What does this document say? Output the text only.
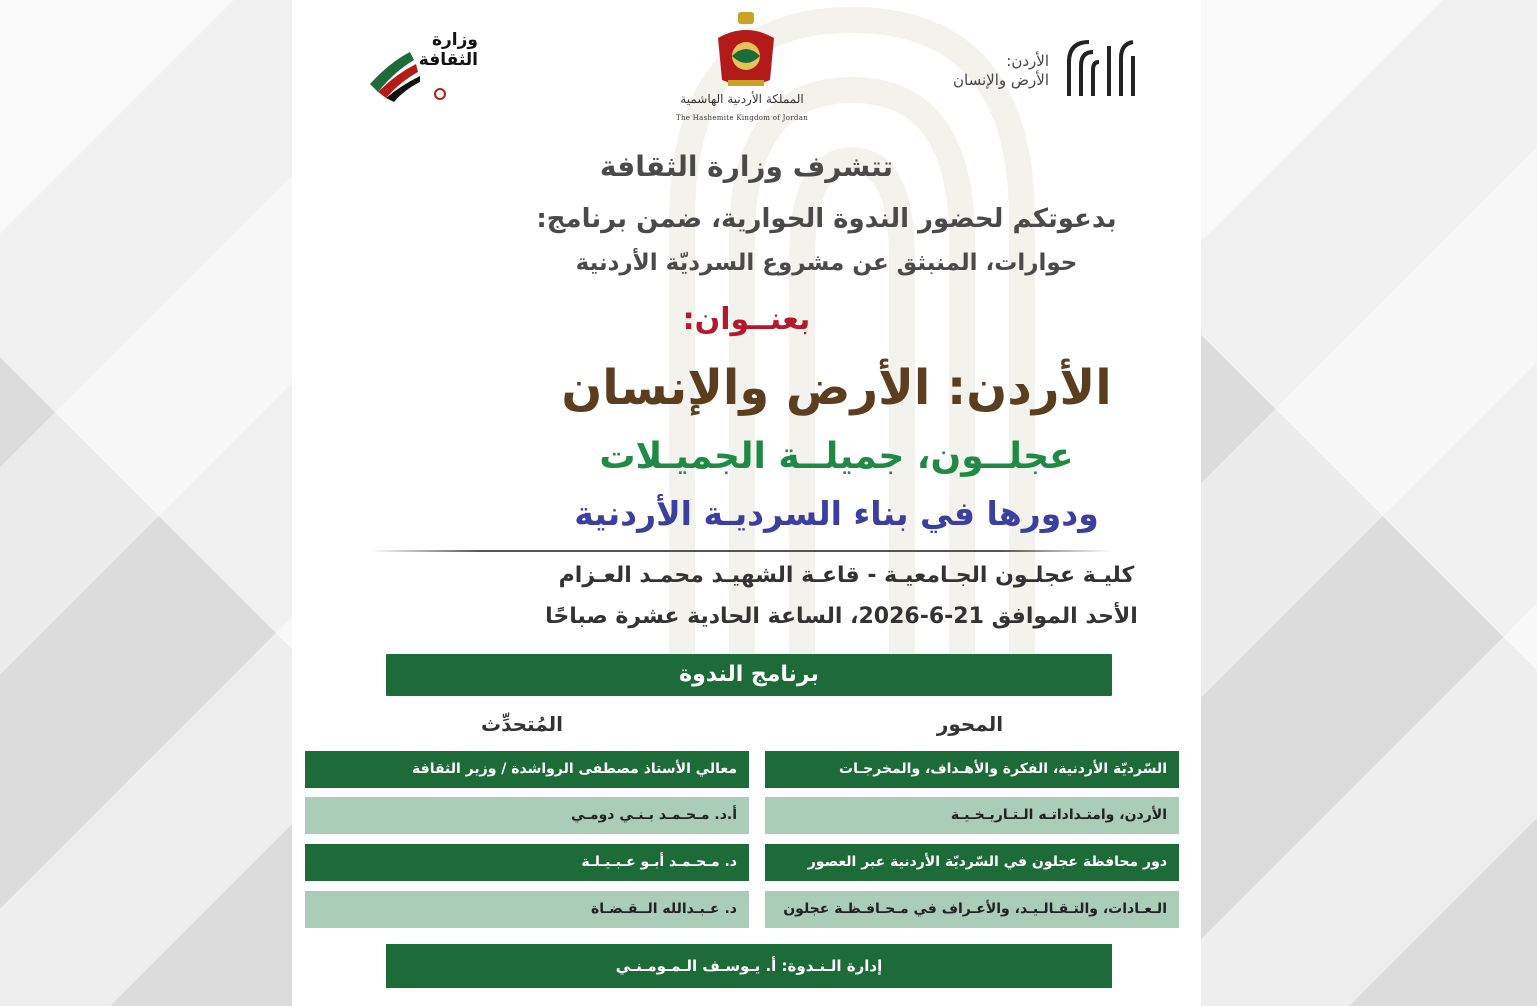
الأردن:
الأرض والإنسان
المملكة الأردنية الهاشمية
The Hashemite Kingdom of Jordan
وزارة
الثقافة
تتشرف وزارة الثقافة
بدعوتكم لحضور الندوة الحوارية، ضمن برنامج:
حوارات، المنبثق عن مشروع السرديّة الأردنية
بعنــوان:
الأردن: الأرض والإنسان
عجلــون، جميلــة الجميـلات
ودورها في بناء السرديـة الأردنية
كليـة عجلـون الجـامعيـة - قاعـة الشهيـد محمـد العـزام
الأحد الموافق 21-6-2026، الساعة الحادية عشرة صباحًا
برنامج الندوة
المحور
المُتحدِّث
السّرديّة الأردنية، الفكرة والأهـداف، والمخرجـات
معالي الأستاذ مصطفى الرواشدة / وزير الثقافة
الأردن، وامتـداداتـه الـتـاريـخـيـة
أ.د. مـحـمـد بـنـي دومـي
دور محافظة عجلون في السّرديّة الأردنية عبر العصور
د. مـحـمـد أبـو عـبـيـلـة
الـعـادات، والتـقـالـيـد، والأعـراف في مـحـافـظـة عجلون
د. عـبـدالله الــقـضـاة
إدارة الـنـدوة: أ. يـوسـف الـمـومـنـي
